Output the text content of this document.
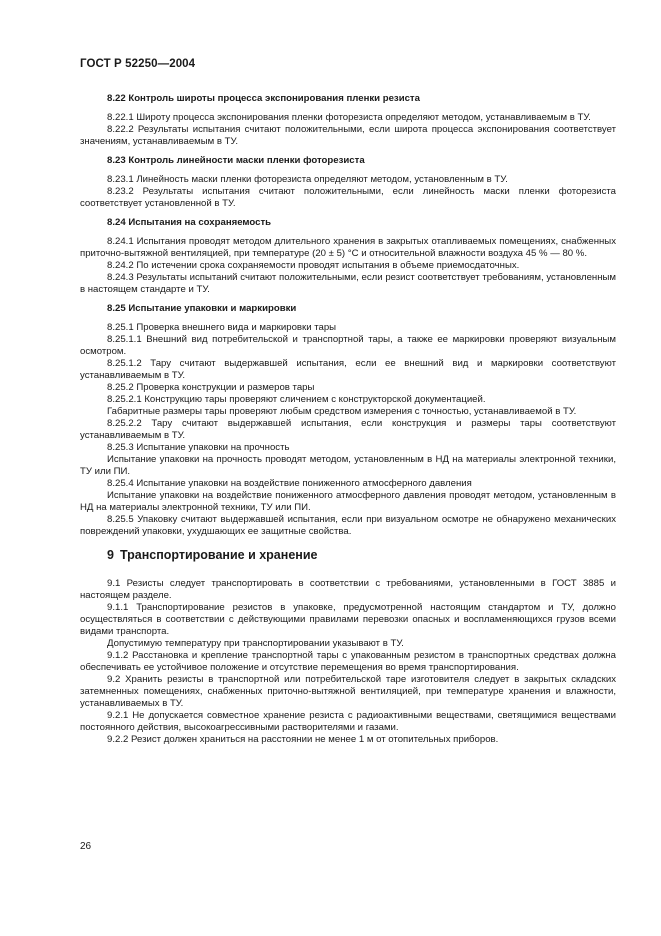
ГОСТ Р 52250—2004

8.22 Контроль широты процесса экспонирования пленки резиста

8.22.1 Широту процесса экспонирования пленки фоторезиста определяют методом, устанавливаемым в ТУ.

8.22.2 Результаты испытания считают положительными, если широта процесса экспонирования соответствует значениям, устанавливаемым в ТУ.

8.23 Контроль линейности маски пленки фоторезиста

8.23.1 Линейность маски пленки фоторезиста определяют методом, установленным в ТУ.

8.23.2 Результаты испытания считают положительными, если линейность маски пленки фоторезиста соответствует установленной в ТУ.

8.24 Испытания на сохраняемость

8.24.1 Испытания проводят методом длительного хранения в закрытых отапливаемых помещениях, снабженных приточно-вытяжной вентиляцией, при температуре (20 ± 5) °С и относительной влажности воздуха 45 % — 80 %.

8.24.2 По истечении срока сохраняемости проводят испытания в объеме приемосдаточных.

8.24.3 Результаты испытаний считают положительными, если резист соответствует требованиям, установленным в настоящем стандарте и ТУ.

8.25 Испытание упаковки и маркировки

8.25.1 Проверка внешнего вида и маркировки тары

8.25.1.1 Внешний вид потребительской и транспортной тары, а также ее маркировки проверяют визуальным осмотром.

8.25.1.2 Тару считают выдержавшей испытания, если ее внешний вид и маркировки соответствуют устанавливаемым в ТУ.

8.25.2 Проверка конструкции и размеров тары

8.25.2.1 Конструкцию тары проверяют сличением с конструкторской документацией.

Габаритные размеры тары проверяют любым средством измерения с точностью, устанавливаемой в ТУ.

8.25.2.2 Тару считают выдержавшей испытания, если конструкция и размеры тары соответствуют устанавливаемым в ТУ.

8.25.3 Испытание упаковки на прочность

Испытание упаковки на прочность проводят методом, установленным в НД на материалы электронной техники, ТУ или ПИ.

8.25.4 Испытание упаковки на воздействие пониженного атмосферного давления

Испытание упаковки на воздействие пониженного атмосферного давления проводят методом, установленным в НД на материалы электронной техники, ТУ или ПИ.

8.25.5 Упаковку считают выдержавшей испытания, если при визуальном осмотре не обнаружено механических повреждений упаковки, ухудшающих ее защитные свойства.

9 Транспортирование и хранение

9.1 Резисты следует транспортировать в соответствии с требованиями, установленными в ГОСТ 3885 и настоящем разделе.

9.1.1 Транспортирование резистов в упаковке, предусмотренной настоящим стандартом и ТУ, должно осуществляться в соответствии с действующими правилами перевозки опасных и воспламеняющихся грузов всеми видами транспорта.

Допустимую температуру при транспортировании указывают в ТУ.

9.1.2 Расстановка и крепление транспортной тары с упакованным резистом в транспортных средствах должна обеспечивать ее устойчивое положение и отсутствие перемещения во время транспортирования.

9.2 Хранить резисты в транспортной или потребительской таре изготовителя следует в закрытых складских затемненных помещениях, снабженных приточно-вытяжной вентиляцией, при температуре хранения и влажности, устанавливаемых в ТУ.

9.2.1 Не допускается совместное хранение резиста с радиоактивными веществами, светящимися веществами постоянного действия, высокоагрессивными растворителями и газами.

9.2.2 Резист должен храниться на расстоянии не менее 1 м от отопительных приборов.

26
